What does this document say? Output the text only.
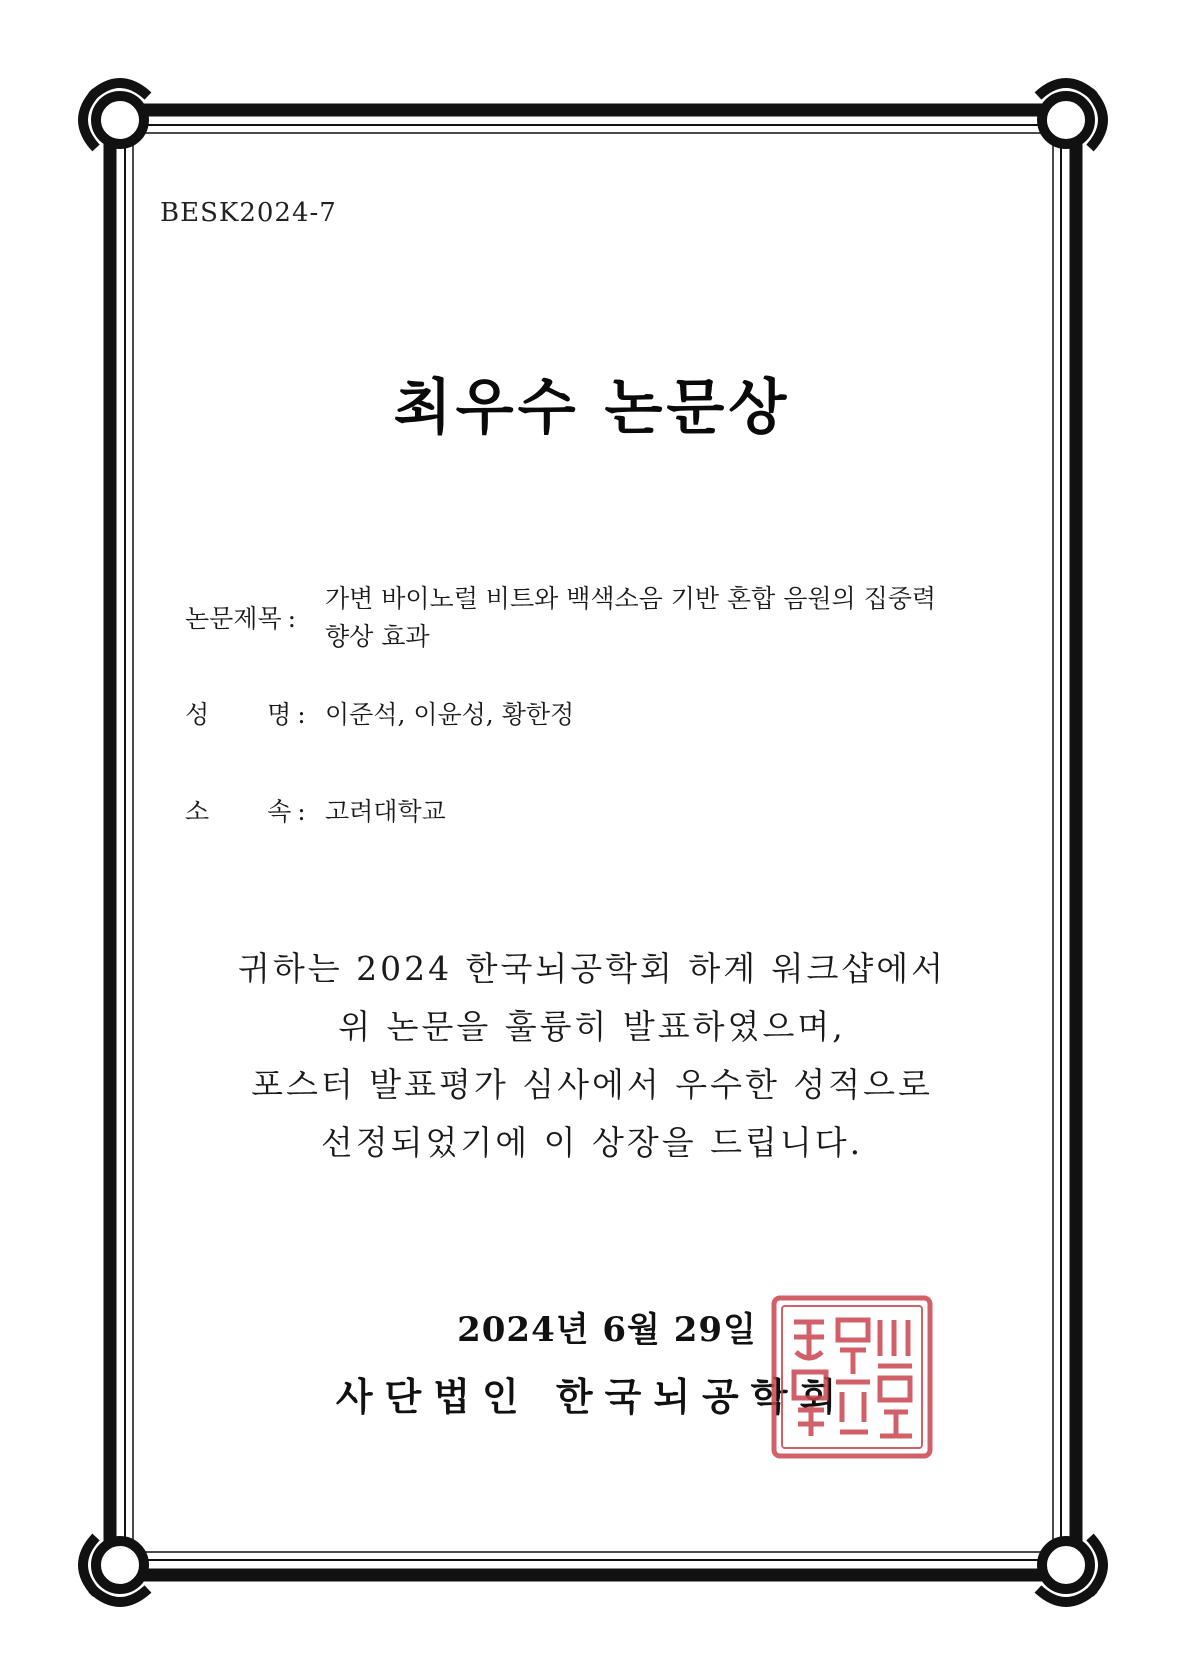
BESK2024-7
최우수 논문상
논문제목 :
가변 바이노럴 비트와 백색소음 기반 혼합 음원의 집중력
향상 효과
성 명 : 이준석, 이윤성, 황한정
소 속 : 고려대학교
귀하는 2024 한국뇌공학회 하계 워크샵에서
위 논문을 훌륭히 발표하였으며,
포스터 발표평가 심사에서 우수한 성적으로
선정되었기에 이 상장을 드립니다.
2024년 6월 29일
사단법인 한국뇌공학회
